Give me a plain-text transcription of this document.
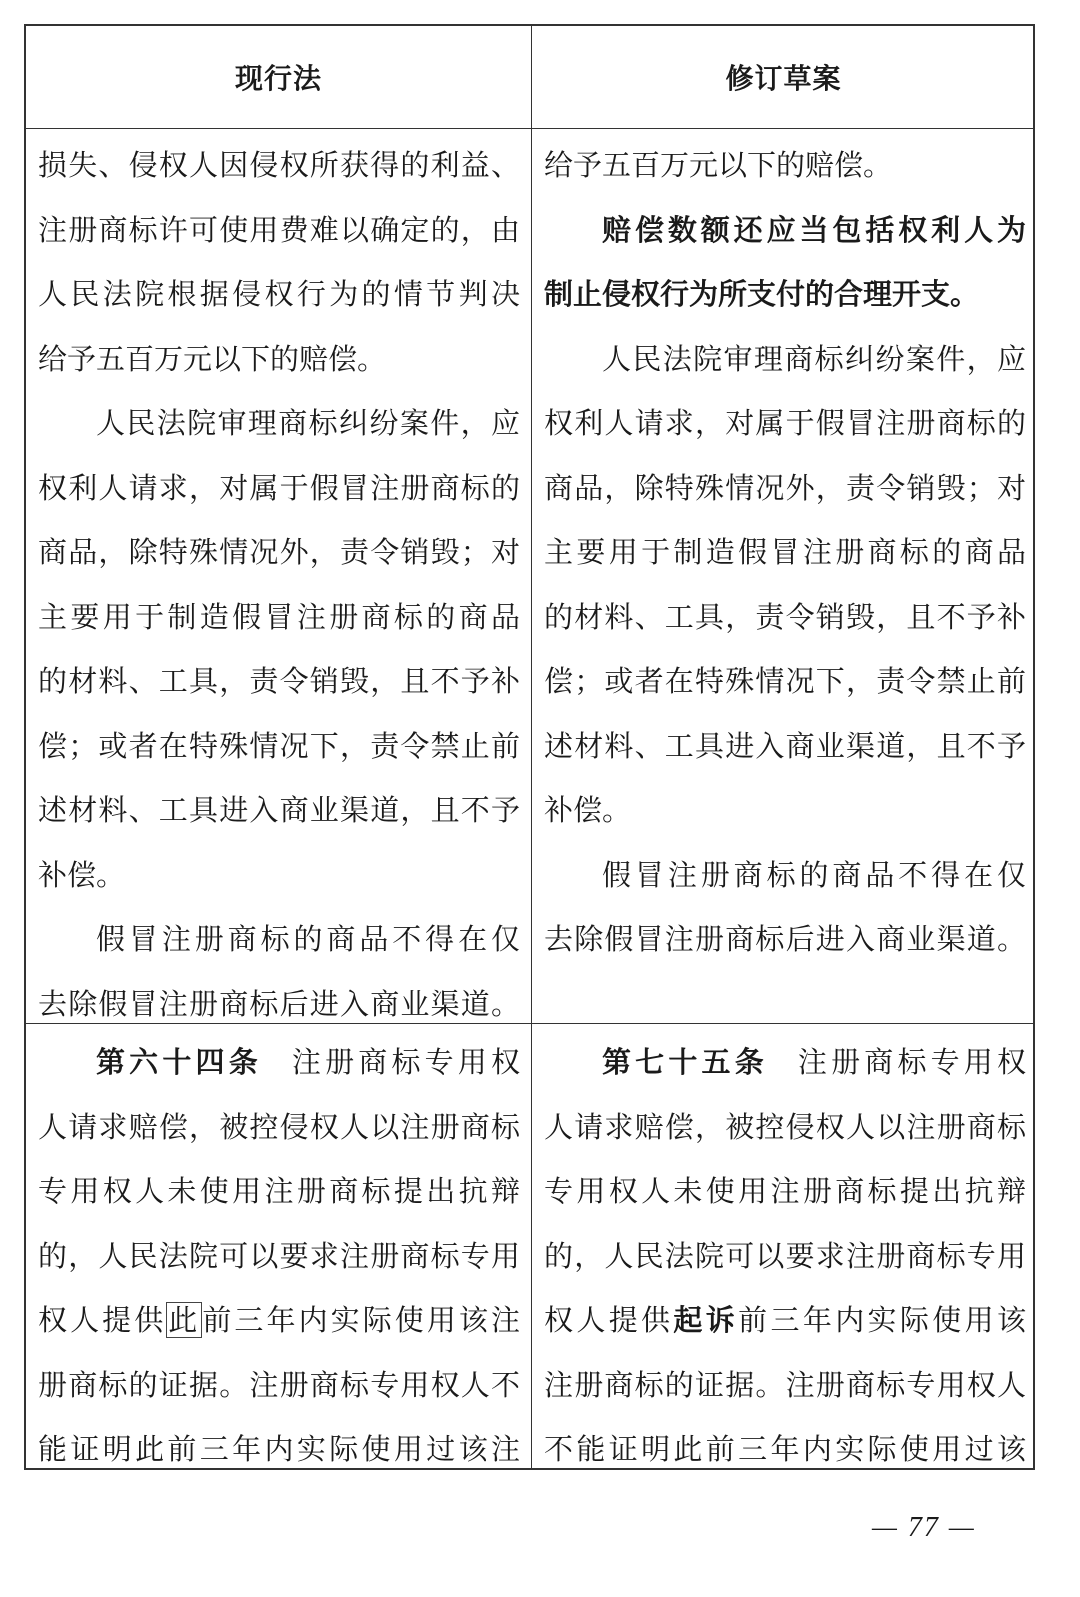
现行法	修订草案
损失、侵权人因侵权所获得的利益、
注册商标许可使用费难以确定的，由
人民法院根据侵权行为的情节判决
给予五百万元以下的赔偿。
人民法院审理商标纠纷案件，应
权利人请求，对属于假冒注册商标的
商品，除特殊情况外，责令销毁；对
主要用于制造假冒注册商标的商品
的材料、工具，责令销毁，且不予补
偿；或者在特殊情况下，责令禁止前
述材料、工具进入商业渠道，且不予
补偿。
假冒注册商标的商品不得在仅
去除假冒注册商标后进入商业渠道。
给予五百万元以下的赔偿。
赔偿数额还应当包括权利人为
制止侵权行为所支付的合理开支。
人民法院审理商标纠纷案件，应
权利人请求，对属于假冒注册商标的
商品，除特殊情况外，责令销毁；对
主要用于制造假冒注册商标的商品
的材料、工具，责令销毁，且不予补
偿；或者在特殊情况下，责令禁止前
述材料、工具进入商业渠道，且不予
补偿。
假冒注册商标的商品不得在仅
去除假冒注册商标后进入商业渠道。
第六十四条 注册商标专用权
人请求赔偿，被控侵权人以注册商标
专用权人未使用注册商标提出抗辩
的，人民法院可以要求注册商标专用
权人提供此前三年内实际使用该注
册商标的证据。注册商标专用权人不
能证明此前三年内实际使用过该注
第七十五条 注册商标专用权
人请求赔偿，被控侵权人以注册商标
专用权人未使用注册商标提出抗辩
的，人民法院可以要求注册商标专用
权人提供起诉前三年内实际使用该
注册商标的证据。注册商标专用权人
不能证明此前三年内实际使用过该
— 77 —
